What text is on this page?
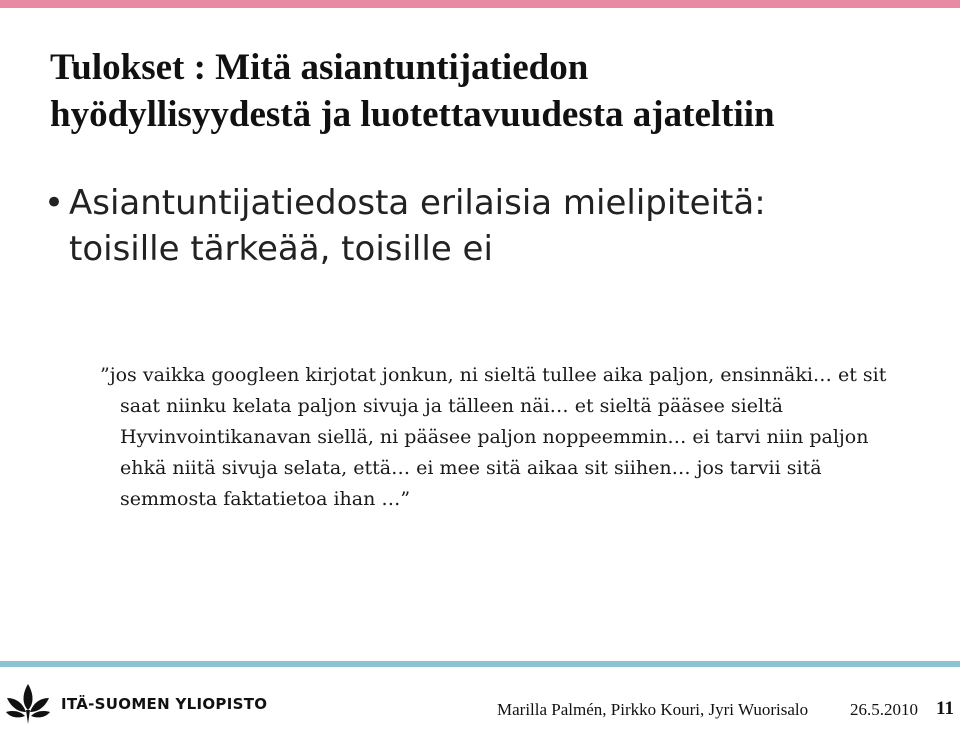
Tulokset : Mitä asiantuntijatiedon
hyödyllisyydestä ja luotettavuudesta ajateltiin
• Asiantuntijatiedosta erilaisia mielipiteitä:
toisille tärkeää, toisille ei

”jos vaikka googleen kirjotat jonkun, ni sieltä tullee aika paljon, ensinnäki… et sit saat niinku kelata paljon sivuja ja tälleen näi… et sieltä pääsee sieltä Hyvinvointikanavan siellä, ni pääsee paljon noppeemmin… ei tarvi niin paljon ehkä niitä sivuja selata, että… ei mee sitä aikaa sit siihen… jos tarvii sitä semmosta faktatietoa ihan …”

ITÄ-SUOMEN YLIOPISTO	Marilla Palmén, Pirkko Kouri, Jyri Wuorisalo 26.5.2010 11
